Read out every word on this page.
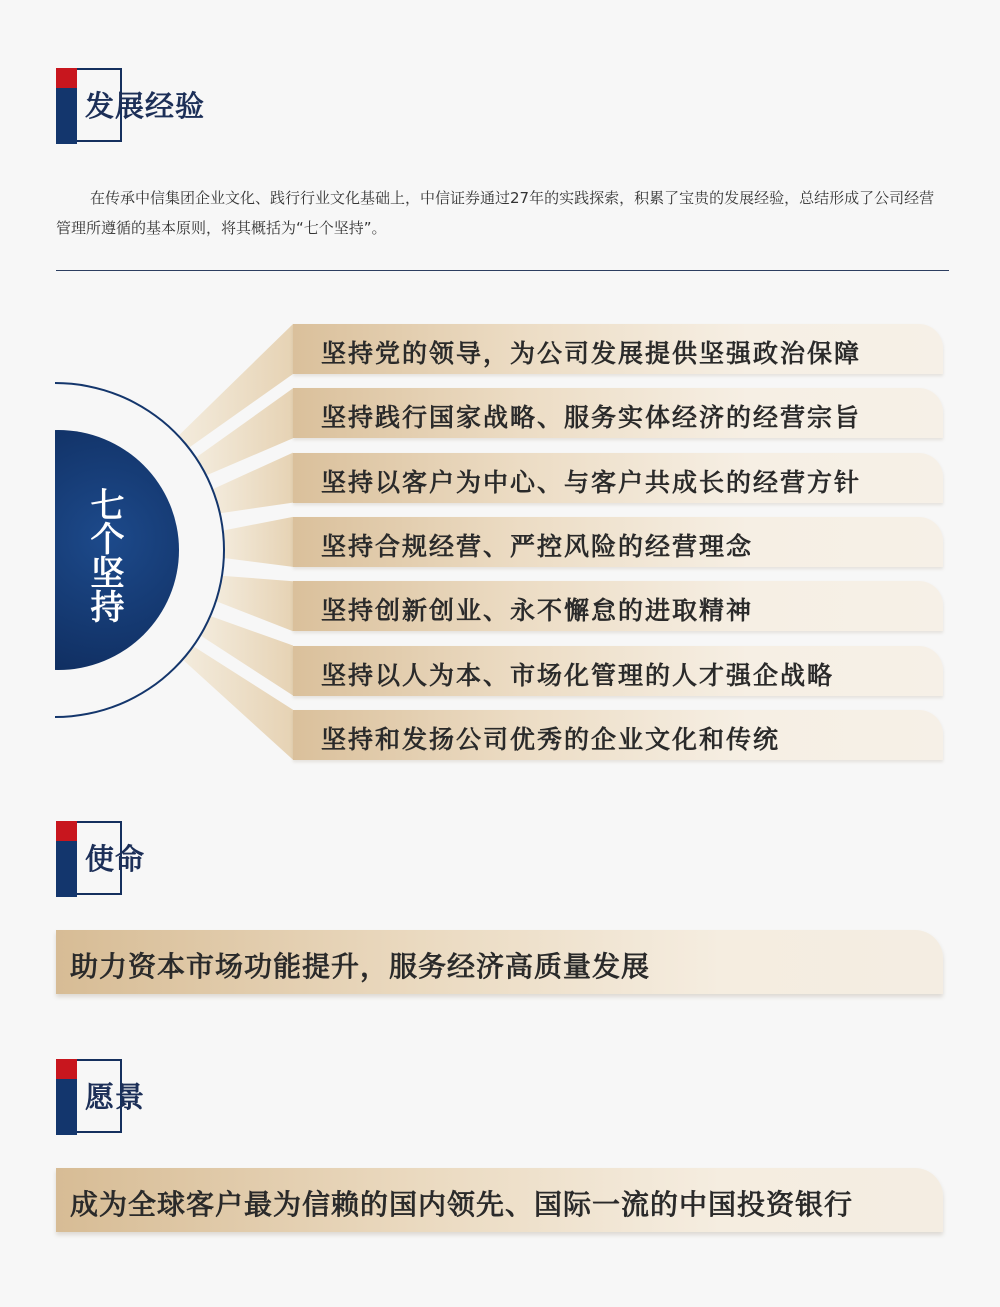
发展经验

在传承中信集团企业文化、践行行业文化基础上，中信证券通过27年的实践探索，积累了宝贵的发展经验，总结形成了公司经营管理所遵循的基本原则，将其概括为“七个坚持”。

七个坚持
坚持党的领导，为公司发展提供坚强政治保障
坚持践行国家战略、服务实体经济的经营宗旨
坚持以客户为中心、与客户共成长的经营方针
坚持合规经营、严控风险的经营理念
坚持创新创业、永不懈怠的进取精神
坚持以人为本、市场化管理的人才强企战略
坚持和发扬公司优秀的企业文化和传统
使命
助力资本市场功能提升，服务经济高质量发展
愿景
成为全球客户最为信赖的国内领先、国际一流的中国投资银行
